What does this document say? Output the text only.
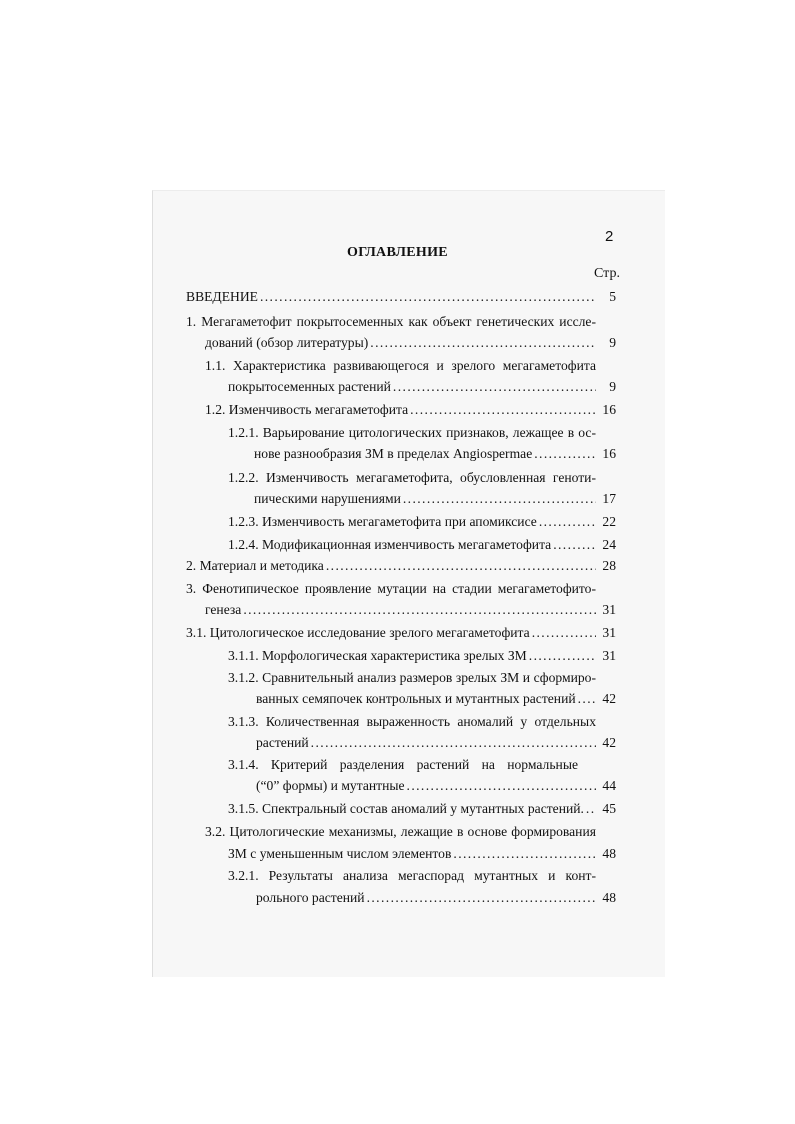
2
ОГЛАВЛЕНИЕ
Стр.
ВВЕДЕНИЕ . . .	5
1. Мегагаметофит покрытосеменных как объект генетических иссле-
дований (обзор литературы) . . .	9
1.1. Характеристика развивающегося и зрелого мегагаметофита
покрытосеменных растений . . .	9
1.2. Изменчивость мегагаметофита . . .	16
1.2.1. Варьирование цитологических признаков, лежащее в ос-
нове разнообразия ЗМ в пределах Angiospermae . . .	16
1.2.2. Изменчивость мегагаметофита, обусловленная геноти-
пическими нарушениями . . .	17
1.2.3. Изменчивость мегагаметофита при апомиксисе . . .	22
1.2.4. Модификационная изменчивость мегагаметофита . . .	24
2. Материал и методика . . .	28
3. Фенотипическое проявление мутации на стадии мегагаметофито-
генеза . . .	31
3.1. Цитологическое исследование зрелого мегагаметофита . . .	31
3.1.1. Морфологическая характеристика зрелых ЗМ . . .	31
3.1.2. Сравнительный анализ размеров зрелых ЗМ и сформиро-
ванных семяпочек контрольных и мутантных растений . . .	42
3.1.3. Количественная выраженность аномалий у отдельных
растений . . .	42
3.1.4. Критерий разделения растений на нормальные
(“0” формы) и мутантные . . .	44
3.1.5. Спектральный состав аномалий у мутантных растений. . . .	45
3.2. Цитологические механизмы, лежащие в основе формирования
ЗМ с уменьшенным числом элементов . . .	48
3.2.1. Результаты анализа мегаспорад мутантных и конт-
рольного растений . . .	48
